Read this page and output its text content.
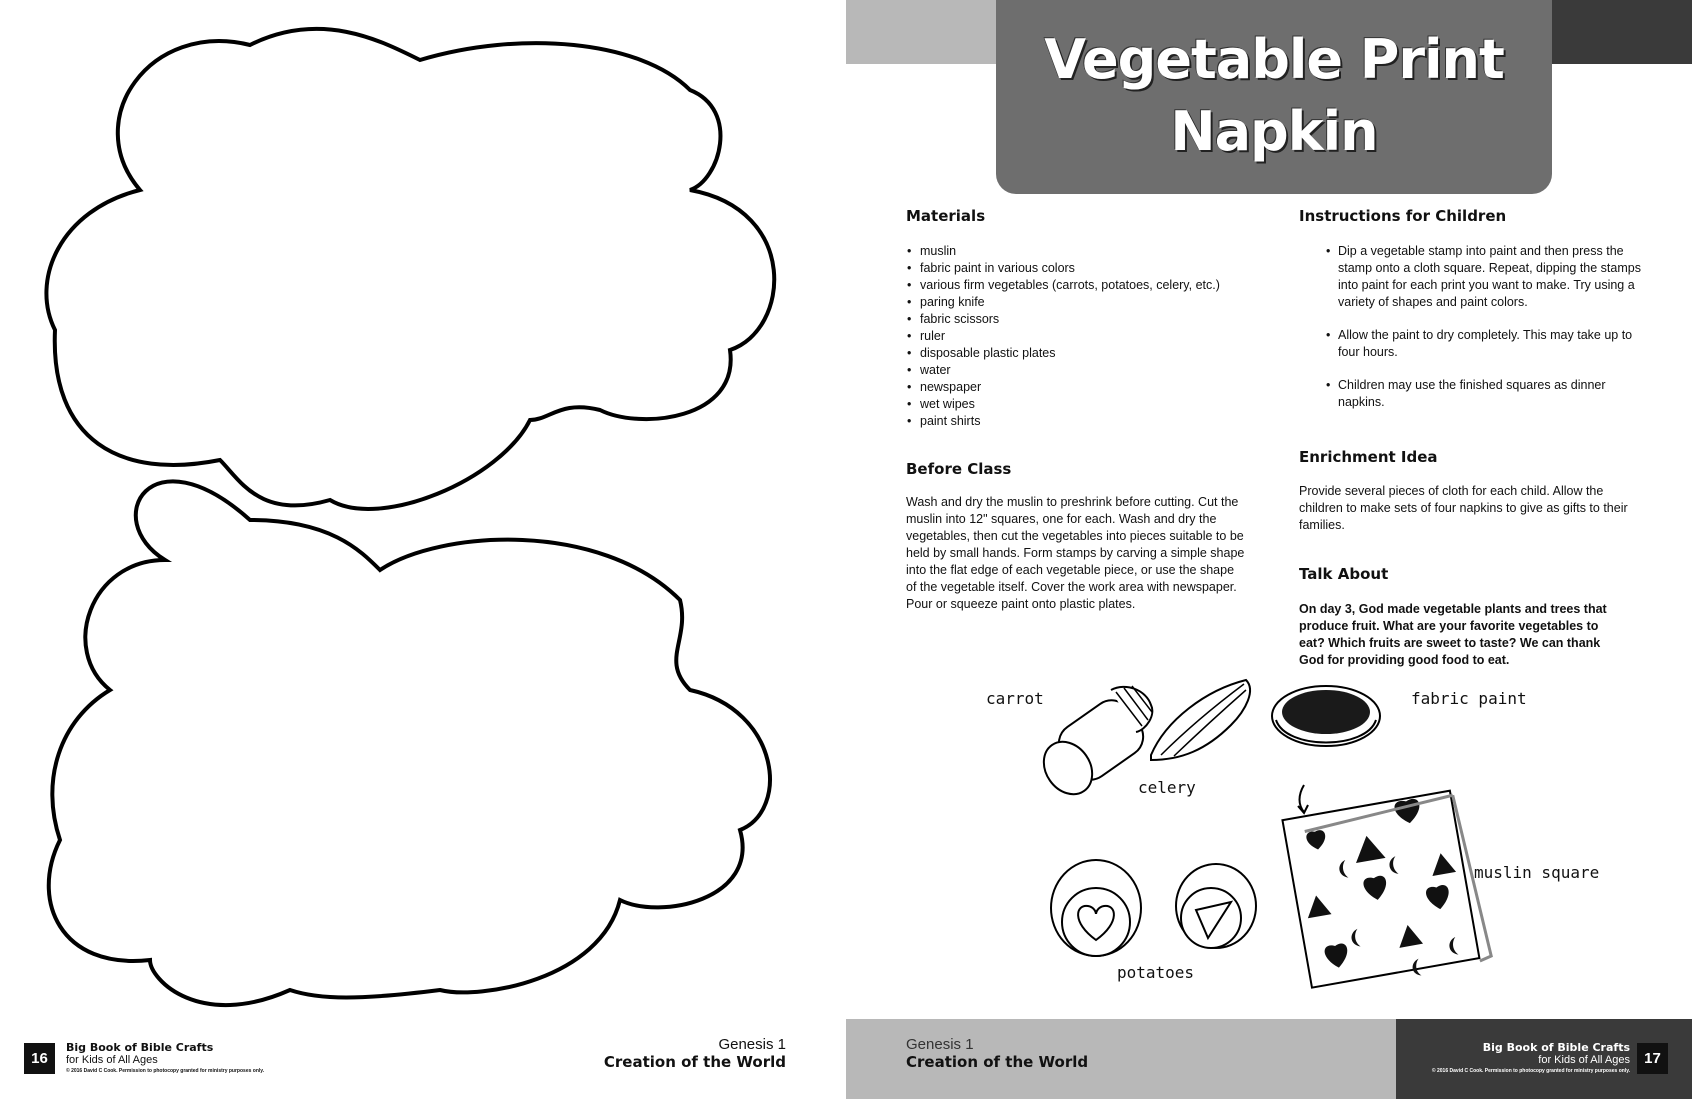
16
Big Book of Bible Crafts
for Kids of All Ages
© 2016 David C Cook. Permission to photocopy granted for ministry purposes only.
Genesis 1
Creation of the World
Vegetable Print
Napkin
Materials
• muslin
• fabric paint in various colors
• various firm vegetables (carrots, potatoes, celery, etc.)
• paring knife
• fabric scissors
• ruler
• disposable plastic plates
• water
• newspaper
• wet wipes
• paint shirts
Before Class
Wash and dry the muslin to preshrink before cutting. Cut the muslin into 12" squares, one for each. Wash and dry the vegetables, then cut the vegetables into pieces suitable to be held by small hands. Form stamps by carving a simple shape into the flat edge of each vegetable piece, or use the shape of the vegetable itself. Cover the work area with newspaper. Pour or squeeze paint onto plastic plates.
Instructions for Children
• Dip a vegetable stamp into paint and then press the stamp onto a cloth square. Repeat, dipping the stamps into paint for each print you want to make. Try using a variety of shapes and paint colors.
• Allow the paint to dry completely. This may take up to four hours.
• Children may use the finished squares as dinner napkins.
Enrichment Idea
Provide several pieces of cloth for each child. Allow the children to make sets of four napkins to give as gifts to their families.
Talk About
On day 3, God made vegetable plants and trees that produce fruit. What are your favorite vegetables to eat? Which fruits are sweet to taste? We can thank God for providing good food to eat.
carrot
celery
fabric paint
muslin square
potatoes
Genesis 1
Creation of the World
Big Book of Bible Crafts
for Kids of All Ages
© 2016 David C Cook. Permission to photocopy granted for ministry purposes only.
17
